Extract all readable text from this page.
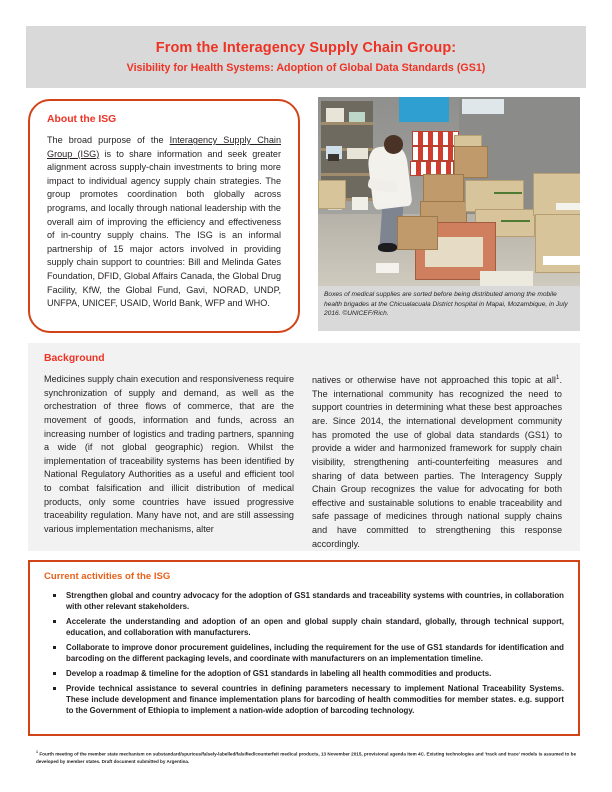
From the Interagency Supply Chain Group:
Visibility for Health Systems: Adoption of Global Data Standards (GS1)
About the ISG
The broad purpose of the Interagency Supply Chain Group (ISG) is to share information and seek greater alignment across supply-chain investments to bring more impact to individual agency supply chain strategies. The group promotes coordination both globally across programs, and locally through national leadership with the overall aim of improving the efficiency and effectiveness of in-country supply chains. The ISG is an informal partnership of 15 major actors involved in providing supply chain support to countries: Bill and Melinda Gates Foundation, DFID, Global Affairs Canada, the Global Drug Facility, KfW, the Global Fund, Gavi, NORAD, UNDP, UNFPA, UNICEF, USAID, World Bank, WFP and WHO.
Boxes of medical supplies are sorted before being distributed among the mobile health brigades at the Chicualacuala District hospital in Mapai, Mozambique, in July 2016. ©UNICEF/Rich.
Background
Medicines supply chain execution and responsiveness require synchronization of supply and demand, as well as the orchestration of three flows of commerce, that are the movement of goods, information and funds, across an increasing number of logistics and trading partners, spanning a wide (if not global geographic) region. Whilst the implementation of traceability systems has been identified by National Regulatory Authorities as a useful and efficient tool to combat falsification and illicit distribution of medical products, only some countries have issued progressive traceability regulation. Many have not, and are still assessing various implementation mechanisms, alter
natives or otherwise have not approached this topic at all$^1$. The international community has recognized the need to support countries in determining what these best approaches are. Since 2014, the international development community has promoted the use of global data standards (GS1) to provide a wider and harmonized framework for supply chain visibility, strengthening anti-counterfeiting measures and sharing of data between parties. The Interagency Supply Chain Group recognizes the value for advocating for both effective and sustainable solutions to enable traceability and safe passage of medicines through national supply chains and have committed to strengthening this response accordingly.
Current activities of the ISG
Strengthen global and country advocacy for the adoption of GS1 standards and traceability systems with countries, in collaboration with other relevant stakeholders.
Accelerate the understanding and adoption of an open and global supply chain standard, globally, through technical support, education, and collaboration with manufacturers.
Collaborate to improve donor procurement guidelines, including the requirement for the use of GS1 standards for identification and barcoding on the different packaging levels, and coordinate with manufacturers on an implementation timeline.
Develop a roadmap & timeline for the adoption of GS1 standards in labeling all health commodities and products.
Provide technical assistance to several countries in defining parameters necessary to implement National Traceability Systems. These include development and finance implementation plans for barcoding of health commodities for member states. e.g. support to the Government of Ethiopia to implement a nation-wide adoption of barcoding technology.
$^1$ Fourth meeting of the member state mechanism on substandard/spurious/falsely-labelled/falsified/counterfeit medical products, 13 November 2015, provisional agenda item 4C. Existing technologies and 'track and trace' models is assumed to be developed by member states. Draft document submitted by Argentina.
